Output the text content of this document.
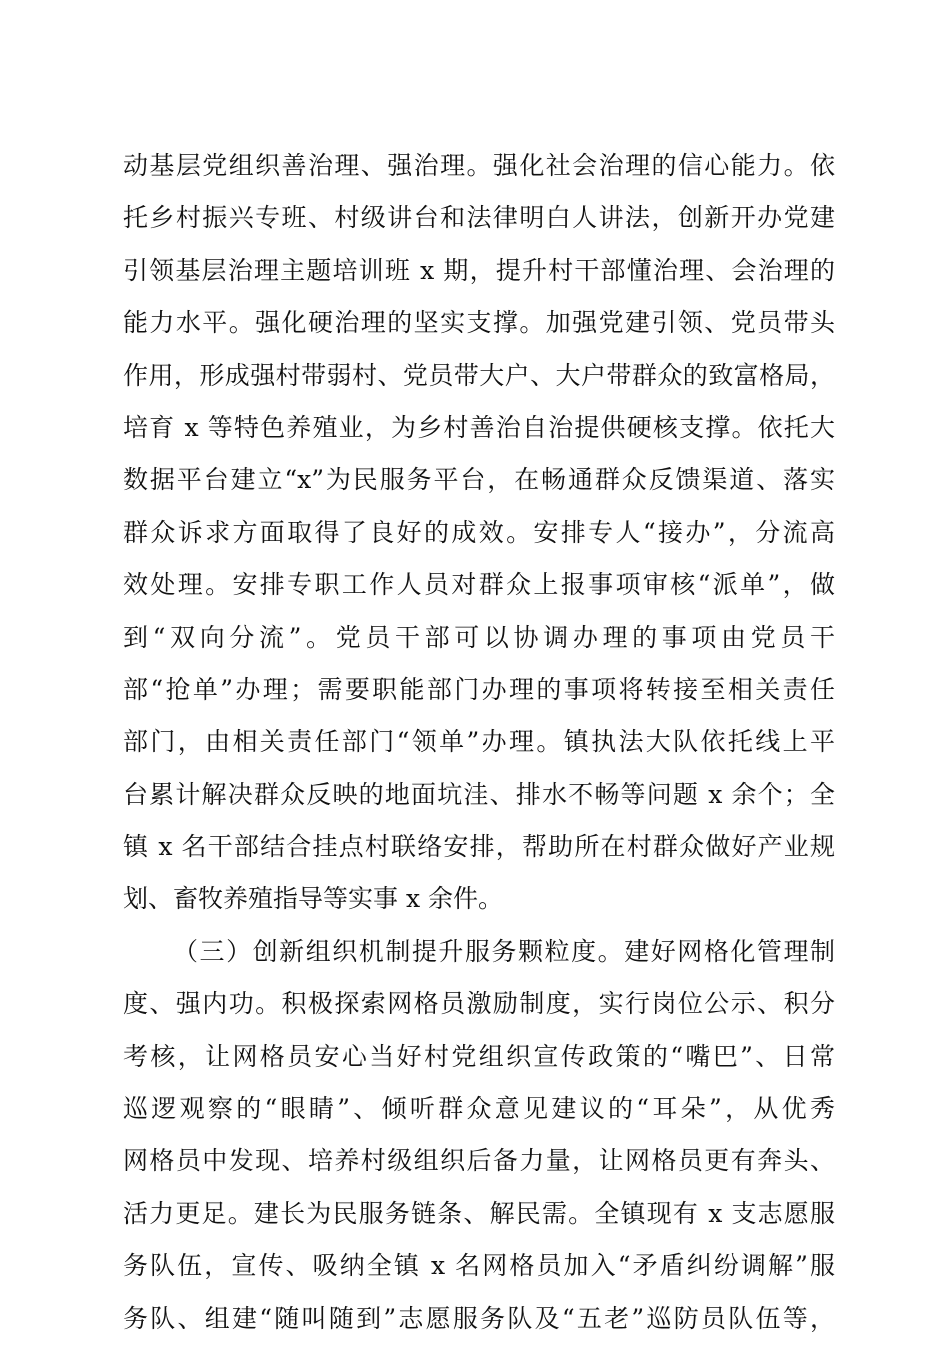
动基层党组织善治理、强治理。强化社会治理的信心能力。依
托乡村振兴专班、村级讲台和法律明白人讲法，创新开办党建
引领基层治理主题培训班 x 期，提升村干部懂治理、会治理的
能力水平。强化硬治理的坚实支撑。加强党建引领、党员带头
作用，形成强村带弱村、党员带大户、大户带群众的致富格局，
培育 x 等特色养殖业，为乡村善治自治提供硬核支撑。依托大
数据平台建立“x”为民服务平台，在畅通群众反馈渠道、落实
群众诉求方面取得了良好的成效。安排专人“接办”，分流高
效处理。安排专职工作人员对群众上报事项审核“派单”，做
到“双向分流”。党员干部可以协调办理的事项由党员干
部“抢单”办理；需要职能部门办理的事项将转接至相关责任
部门，由相关责任部门“领单”办理。镇执法大队依托线上平
台累计解决群众反映的地面坑洼、排水不畅等问题 x 余个；全
镇 x 名干部结合挂点村联络安排，帮助所在村群众做好产业规
划、畜牧养殖指导等实事 x 余件。
（三）创新组织机制提升服务颗粒度。建好网格化管理制
度、强内功。积极探索网格员激励制度，实行岗位公示、积分
考核，让网格员安心当好村党组织宣传政策的“嘴巴”、日常
巡逻观察的“眼睛”、倾听群众意见建议的“耳朵”，从优秀
网格员中发现、培养村级组织后备力量，让网格员更有奔头、
活力更足。建长为民服务链条、解民需。全镇现有 x 支志愿服
务队伍，宣传、吸纳全镇 x 名网格员加入“矛盾纠纷调解”服
务队、组建“随叫随到”志愿服务队及“五老”巡防员队伍等，
